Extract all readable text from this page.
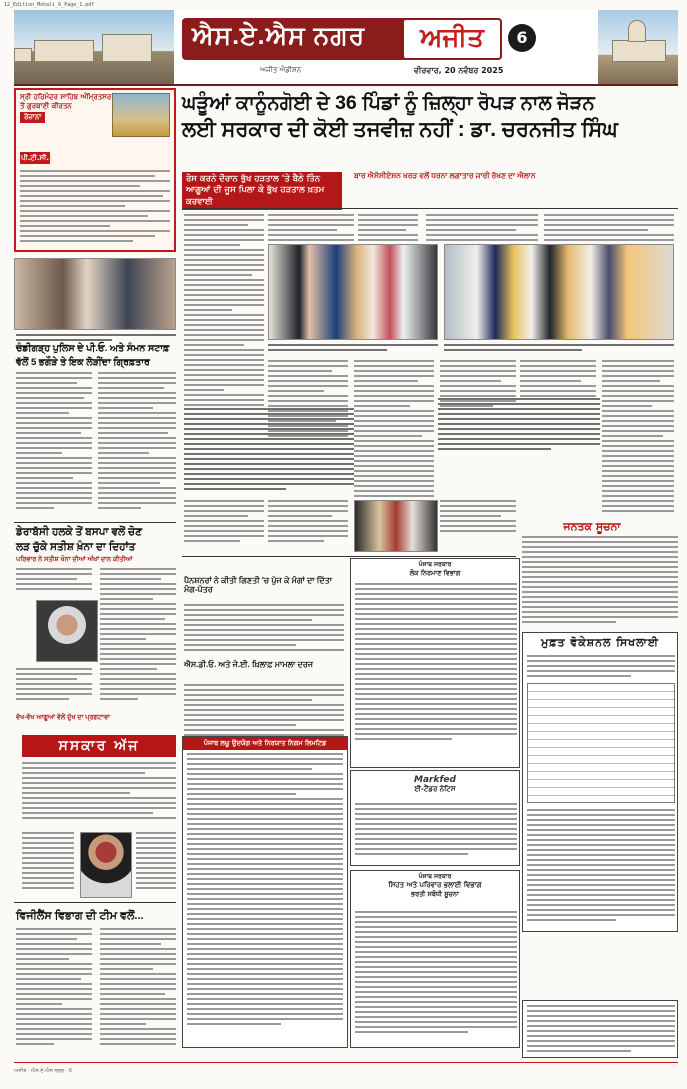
12_Edition_Mohali_6_Page_1.pdf
ਐਸ.ਏ.ਐਸ ਨਗਰ	ਅਜੀਤ	6
ਅਜੀਤ ਐਡੀਸ਼ਨ	ਵੀਰਵਾਰ, 20 ਨਵੰਬਰ 2025
ਸ੍ਰੀ ਹਰਿਮੰਦਰ ਸਾਹਿਬ ਅੰਮ੍ਰਿਤਸਰ ਤੋਂ ਗੁਰਬਾਣੀ ਕੀਰਤਨ
ਰੋਜ਼ਾਨਾ
ਪੀ.ਟੀ.ਸੀ.
ਚੰਡੀਗੜ੍ਹ ਪੁਲਿਸ ਦੇ ਪੀ.ਓ. ਅਤੇ ਸੰਮਨ ਸਟਾਫ਼
ਵੱਲੋਂ 5 ਭਗੌੜੇ ਤੇ ਇਕ ਲੋੜੀਂਦਾ ਗ੍ਰਿਫ਼ਤਾਰ
ਡੇਰਾਬੱਸੀ ਹਲਕੇ ਤੋਂ ਬਸਪਾ ਵਲੋਂ ਚੋਣ
ਲੜ ਚੁੱਕੇ ਸਤੀਸ਼ ਖ਼ੰਨਾ ਦਾ ਦਿਹਾਂਤ
ਪਰਿਵਾਰ ਨੇ ਸਤੀਸ਼ ਖੰਨਾ ਦੀਆਂ ਅੱਖਾਂ ਦਾਨ ਕੀਤੀਆਂ
ਵੱਖ-ਵੱਖ ਆਗੂਆਂ ਵੱਲੋਂ ਦੁੱਖ ਦਾ ਪ੍ਰਗਟਾਵਾ
ਸਸਕਾਰ ਅੱਜ
ਵਿਜੀਲੈਂਸ ਵਿਭਾਗ ਦੀ ਟੀਮ ਵਲੋਂ...
ਘੜੂੰਆਂ ਕਾਨੂੰਨਗੋਈ ਦੇ 36 ਪਿੰਡਾਂ ਨੂੰ ਜ਼ਿਲ੍ਹਾ ਰੋਪੜ ਨਾਲ ਜੋੜਨ
ਲਈ ਸਰਕਾਰ ਦੀ ਕੋਈ ਤਜਵੀਜ਼ ਨਹੀਂ : ਡਾ. ਚਰਨਜੀਤ ਸਿੰਘ
ਰੋਸ ਕਰਨੇ ਦੌਰਾਨ ਭੁੱਖ ਹੜਤਾਲ 'ਤੇ ਬੈਠੇ ਤਿੰਨ ਆਗੂਆਂ ਦੀ ਜੂਸ ਪਿਲਾ ਕੇ ਭੁੱਖ ਹੜਤਾਲ ਖ਼ਤਮ ਕਰਵਾਈ
ਬਾਰ ਐਸੋਸੀਏਸ਼ਨ ਖਰੜ ਵਲੋਂ ਧਰਨਾ ਲਗਾਤਾਰ ਜਾਰੀ ਰੱਖਣ ਦਾ ਐਲਾਨ
ਪੈਨਸ਼ਨਰਾਂ ਨੇ ਕੀਤੀ ਗਿਣਤੀ 'ਚ ਪੁੱਜ ਕੇ ਮੰਗਾਂ ਦਾ ਦਿੱਤਾ ਮੰਗ-ਪੱਤਰ
ਐਸ.ਡੀ.ਓ. ਅਤੇ ਜੇ.ਈ. ਖ਼ਿਲਾਫ਼ ਮਾਮਲਾ ਦਰਜ
ਪੰਜਾਬ ਲਘੂ ਉਦਯੋਗ ਅਤੇ ਨਿਰਯਾਤ ਨਿਗਮ ਲਿਮਟਿਡ
ਪੰਜਾਬ ਸਰਕਾਰ
ਲੋਕ ਨਿਰਮਾਣ ਵਿਭਾਗ
Markfed
ਈ-ਟੈਂਡਰ ਨੋਟਿਸ
ਪੰਜਾਬ ਸਰਕਾਰ
ਸਿਹਤ ਅਤੇ ਪਰਿਵਾਰ ਭਲਾਈ ਵਿਭਾਗ
ਭਰਤੀ ਸਬੰਧੀ ਸੂਚਨਾ
ਜਨਤਕ ਸੂਚਨਾ
ਮੁਫ਼ਤ ਵੋਕੇਸ਼ਨਲ ਸਿਖਲਾਈ
ਅਜੀਤ · ਐਸ.ਏ.ਐਸ ਨਗਰ · 6
